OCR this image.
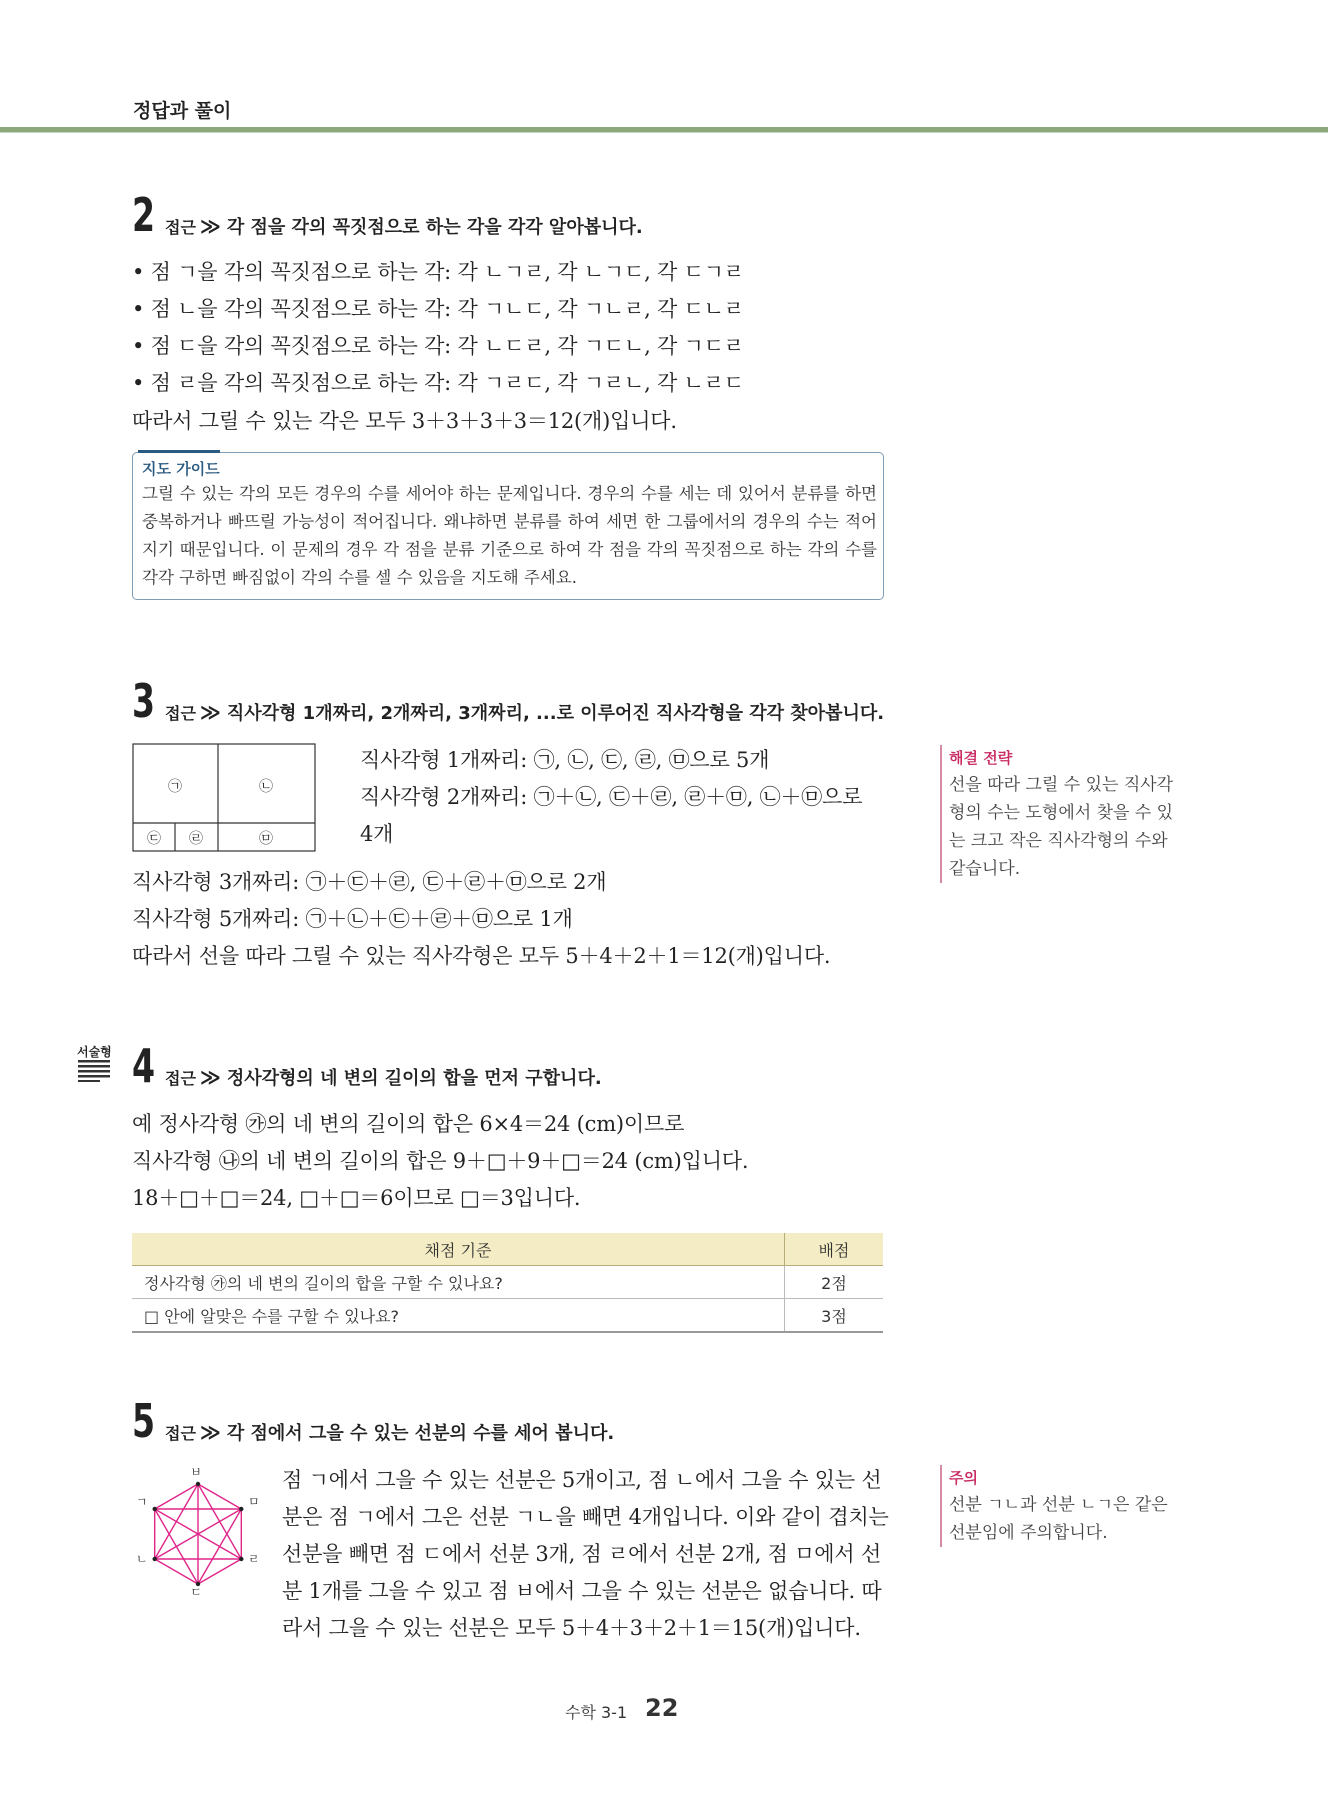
정답과 풀이
2 접근 ≫ 각 점을 각의 꼭짓점으로 하는 각을 각각 알아봅니다.
• 점 ㄱ을 각의 꼭짓점으로 하는 각: 각 ㄴㄱㄹ, 각 ㄴㄱㄷ, 각 ㄷㄱㄹ
• 점 ㄴ을 각의 꼭짓점으로 하는 각: 각 ㄱㄴㄷ, 각 ㄱㄴㄹ, 각 ㄷㄴㄹ
• 점 ㄷ을 각의 꼭짓점으로 하는 각: 각 ㄴㄷㄹ, 각 ㄱㄷㄴ, 각 ㄱㄷㄹ
• 점 ㄹ을 각의 꼭짓점으로 하는 각: 각 ㄱㄹㄷ, 각 ㄱㄹㄴ, 각 ㄴㄹㄷ
따라서 그릴 수 있는 각은 모두 3＋3＋3＋3＝12(개)입니다.
지도 가이드
그릴 수 있는 각의 모든 경우의 수를 세어야 하는 문제입니다. 경우의 수를 세는 데 있어서 분류를 하면 중복하거나 빠뜨릴 가능성이 적어집니다. 왜냐하면 분류를 하여 세면 한 그룹에서의 경우의 수는 적어지기 때문입니다. 이 문제의 경우 각 점을 분류 기준으로 하여 각 점을 각의 꼭짓점으로 하는 각의 수를 각각 구하면 빠짐없이 각의 수를 셀 수 있음을 지도해 주세요.
3 접근 ≫ 직사각형 1개짜리, 2개짜리, 3개짜리, ...로 이루어진 직사각형을 각각 찾아봅니다.
㉠	㉡
㉢ ㉣	㉤
직사각형 1개짜리: ㉠, ㉡, ㉢, ㉣, ㉤으로 5개
직사각형 2개짜리: ㉠＋㉡, ㉢＋㉣, ㉣＋㉤, ㉡＋㉤으로
4개
직사각형 3개짜리: ㉠＋㉢＋㉣, ㉢＋㉣＋㉤으로 2개
직사각형 5개짜리: ㉠＋㉡＋㉢＋㉣＋㉤으로 1개
따라서 선을 따라 그릴 수 있는 직사각형은 모두 5＋4＋2＋1＝12(개)입니다.
해결 전략
선을 따라 그릴 수 있는 직사각형의 수는 도형에서 찾을 수 있는 크고 작은 직사각형의 수와 같습니다.
서술형 4 접근 ≫ 정사각형의 네 변의 길이의 합을 먼저 구합니다.
예 정사각형 ㉮의 네 변의 길이의 합은 6×4＝24 (cm)이므로
직사각형 ㉯의 네 변의 길이의 합은 9＋□＋9＋□＝24 (cm)입니다.
18＋□＋□＝24, □＋□＝6이므로 □＝3입니다.
채점 기준	배점
정사각형 ㉮의 네 변의 길이의 합을 구할 수 있나요?	2점
□ 안에 알맞은 수를 구할 수 있나요?	3점
5 접근 ≫ 각 점에서 그을 수 있는 선분의 수를 세어 봅니다.
ㅂ
ㅁ
ㄹ
ㄷ
ㄴ
ㄱ
점 ㄱ에서 그을 수 있는 선분은 5개이고, 점 ㄴ에서 그을 수 있는 선
분은 점 ㄱ에서 그은 선분 ㄱㄴ을 빼면 4개입니다. 이와 같이 겹치는
선분을 빼면 점 ㄷ에서 선분 3개, 점 ㄹ에서 선분 2개, 점 ㅁ에서 선
분 1개를 그을 수 있고 점 ㅂ에서 그을 수 있는 선분은 없습니다. 따
라서 그을 수 있는 선분은 모두 5＋4＋3＋2＋1＝15(개)입니다.
주의
선분 ㄱㄴ과 선분 ㄴㄱ은 같은 선분임에 주의합니다.
수학 3-1 22
